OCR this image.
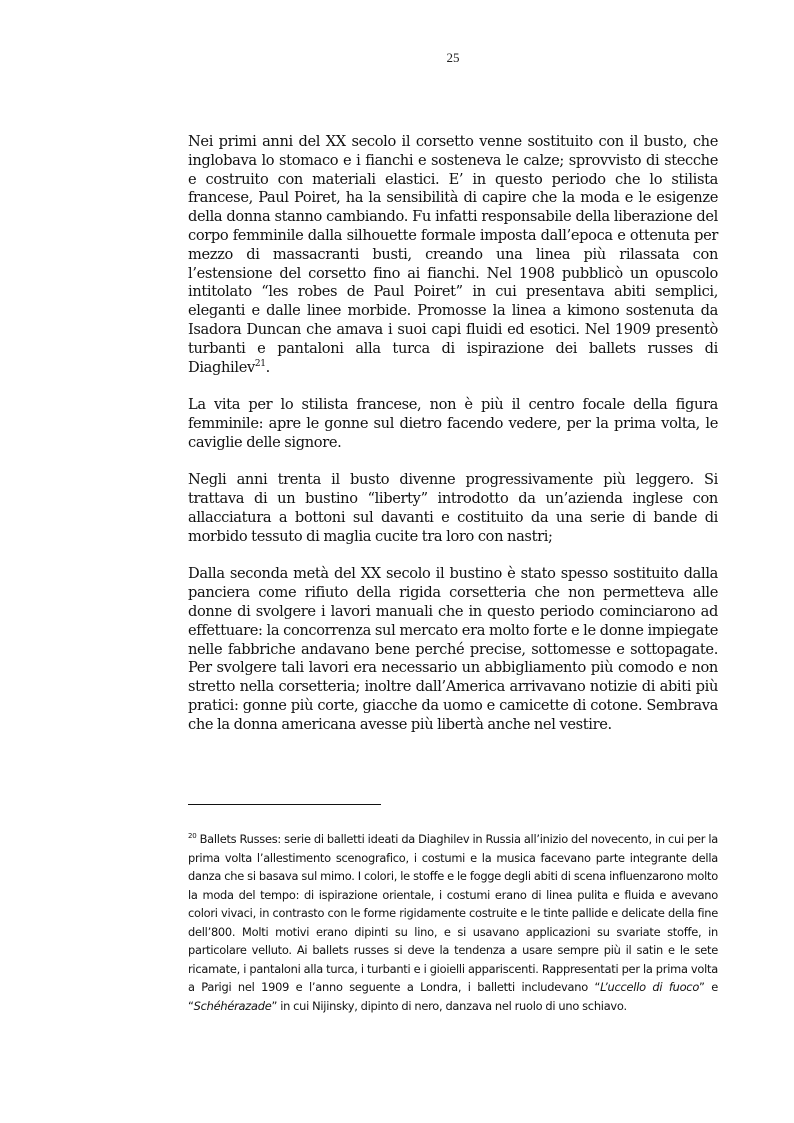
25

Nei primi anni del XX secolo il corsetto venne sostituito con il busto, che inglobava lo stomaco e i fianchi e sosteneva le calze; sprovvisto di stecche e costruito con materiali elastici. E’ in questo periodo che lo stilista francese, Paul Poiret, ha la sensibilità di capire che la moda e le esigenze della donna stanno cambiando. Fu infatti responsabile della liberazione del corpo femminile dalla silhouette formale imposta dall’epoca e ottenuta per mezzo di massacranti busti, creando una linea più rilassata con l’estensione del corsetto fino ai fianchi. Nel 1908 pubblicò un opuscolo intitolato “les robes de Paul Poiret” in cui presentava abiti semplici, eleganti e dalle linee morbide. Promosse la linea a kimono sostenuta da Isadora Duncan che amava i suoi capi fluidi ed esotici. Nel 1909 presentò turbanti e pantaloni alla turca di ispirazione dei ballets russes di Diaghilev$^{21}$.

La vita per lo stilista francese, non è più il centro focale della figura femminile: apre le gonne sul dietro facendo vedere, per la prima volta, le caviglie delle signore.

Negli anni trenta il busto divenne progressivamente più leggero. Si trattava di un bustino “liberty” introdotto da un’azienda inglese con allacciatura a bottoni sul davanti e costituito da una serie di bande di morbido tessuto di maglia cucite tra loro con nastri;

Dalla seconda metà del XX secolo il bustino è stato spesso sostituito dalla panciera come rifiuto della rigida corsetteria che non permetteva alle donne di svolgere i lavori manuali che in questo periodo cominciarono ad effettuare: la concorrenza sul mercato era molto forte e le donne impiegate nelle fabbriche andavano bene perché precise, sottomesse e sottopagate. Per svolgere tali lavori era necessario un abbigliamento più comodo e non stretto nella corsetteria; inoltre dall’America arrivavano notizie di abiti più pratici: gonne più corte, giacche da uomo e camicette di cotone. Sembrava che la donna americana avesse più libertà anche nel vestire.

$^{20}$ Ballets Russes: serie di balletti ideati da Diaghilev in Russia all’inizio del novecento, in cui per la prima volta l’allestimento scenografico, i costumi e la musica facevano parte integrante della danza che si basava sul mimo. I colori, le stoffe e le fogge degli abiti di scena influenzarono molto la moda del tempo: di ispirazione orientale, i costumi erano di linea pulita e fluida e avevano colori vivaci, in contrasto con le forme rigidamente costruite e le tinte pallide e delicate della fine dell’800. Molti motivi erano dipinti su lino, e si usavano applicazioni su svariate stoffe, in particolare velluto. Ai ballets russes si deve la tendenza a usare sempre più il satin e le sete ricamate, i pantaloni alla turca, i turbanti e i gioielli appariscenti. Rappresentati per la prima volta a Parigi nel 1909 e l’anno seguente a Londra, i balletti includevano “L’uccello di fuoco” e “Schéhérazade” in cui Nijinsky, dipinto di nero, danzava nel ruolo di uno schiavo.
